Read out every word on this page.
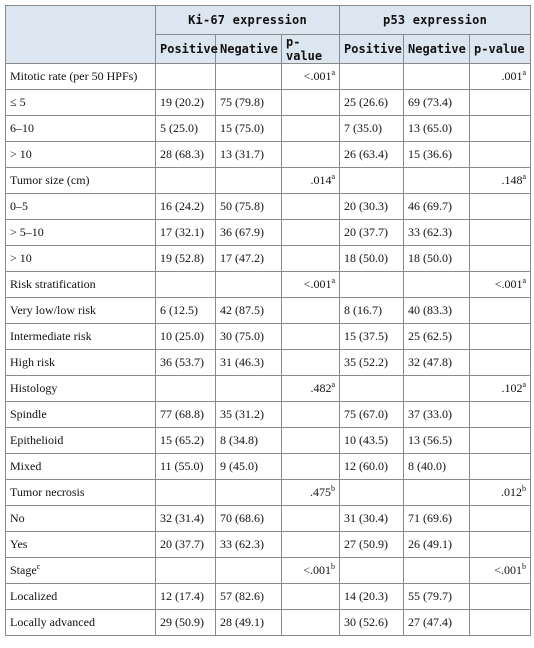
	Ki-67 expression			p53 expression		
	Positive	Negative	p-value	Positive	Negative	p-value
Mitotic rate (per 50 HPFs)			<.001$^a$			.001$^a$
≤ 5	19 (20.2)	75 (79.8)		25 (26.6)	69 (73.4)	
6–10	5 (25.0)	15 (75.0)		7 (35.0)	13 (65.0)	
> 10	28 (68.3)	13 (31.7)		26 (63.4)	15 (36.6)	
Tumor size (cm)			.014$^a$			.148$^a$
0–5	16 (24.2)	50 (75.8)		20 (30.3)	46 (69.7)	
> 5–10	17 (32.1)	36 (67.9)		20 (37.7)	33 (62.3)	
> 10	19 (52.8)	17 (47.2)		18 (50.0)	18 (50.0)	
Risk stratification			<.001$^a$			<.001$^a$
Very low/low risk	6 (12.5)	42 (87.5)		8 (16.7)	40 (83.3)	
Intermediate risk	10 (25.0)	30 (75.0)		15 (37.5)	25 (62.5)	
High risk	36 (53.7)	31 (46.3)		35 (52.2)	32 (47.8)	
Histology			.482$^a$			.102$^a$
Spindle	77 (68.8)	35 (31.2)		75 (67.0)	37 (33.0)	
Epithelioid	15 (65.2)	8 (34.8)		10 (43.5)	13 (56.5)	
Mixed	11 (55.0)	9 (45.0)		12 (60.0)	8 (40.0)	
Tumor necrosis			.475$^b$			.012$^b$
No	32 (31.4)	70 (68.6)		31 (30.4)	71 (69.6)	
Yes	20 (37.7)	33 (62.3)		27 (50.9)	26 (49.1)	
Stage$^c$			<.001$^b$			<.001$^b$
Localized	12 (17.4)	57 (82.6)		14 (20.3)	55 (79.7)	
Locally advanced	29 (50.9)	28 (49.1)		30 (52.6)	27 (47.4)	
